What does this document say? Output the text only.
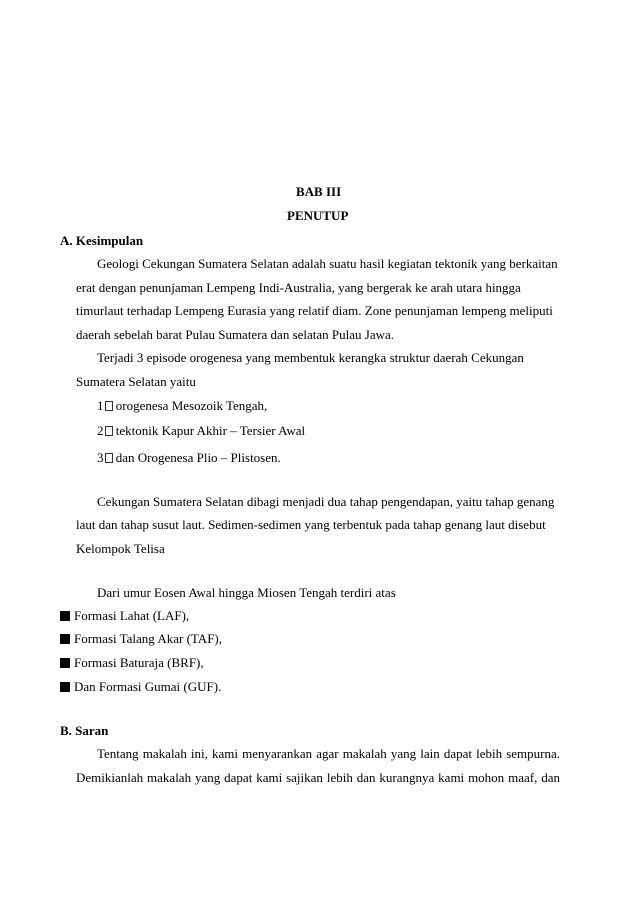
BAB III
PENUTUP
A. Kesimpulan
Geologi Cekungan Sumatera Selatan adalah suatu hasil kegiatan tektonik yang berkaitan
erat dengan penunjaman Lempeng Indi-Australia, yang bergerak ke arah utara hingga
timurlaut terhadap Lempeng Eurasia yang relatif diam. Zone penunjaman lempeng meliputi
daerah sebelah barat Pulau Sumatera dan selatan Pulau Jawa.
Terjadi 3 episode orogenesa yang membentuk kerangka struktur daerah Cekungan
Sumatera Selatan yaitu
1 orogenesa Mesozoik Tengah,
2 tektonik Kapur Akhir – Tersier Awal
3 dan Orogenesa Plio – Plistosen.
Cekungan Sumatera Selatan dibagi menjadi dua tahap pengendapan, yaitu tahap genang
laut dan tahap susut laut. Sedimen-sedimen yang terbentuk pada tahap genang laut disebut
Kelompok Telisa
Dari umur Eosen Awal hingga Miosen Tengah terdiri atas
Formasi Lahat (LAF),
Formasi Talang Akar (TAF),
Formasi Baturaja (BRF),
Dan Formasi Gumai (GUF).
B. Saran
Tentang makalah ini, kami menyarankan agar makalah yang lain dapat lebih sempurna.
Demikianlah makalah yang dapat kami sajikan lebih dan kurangnya kami mohon maaf, dan
